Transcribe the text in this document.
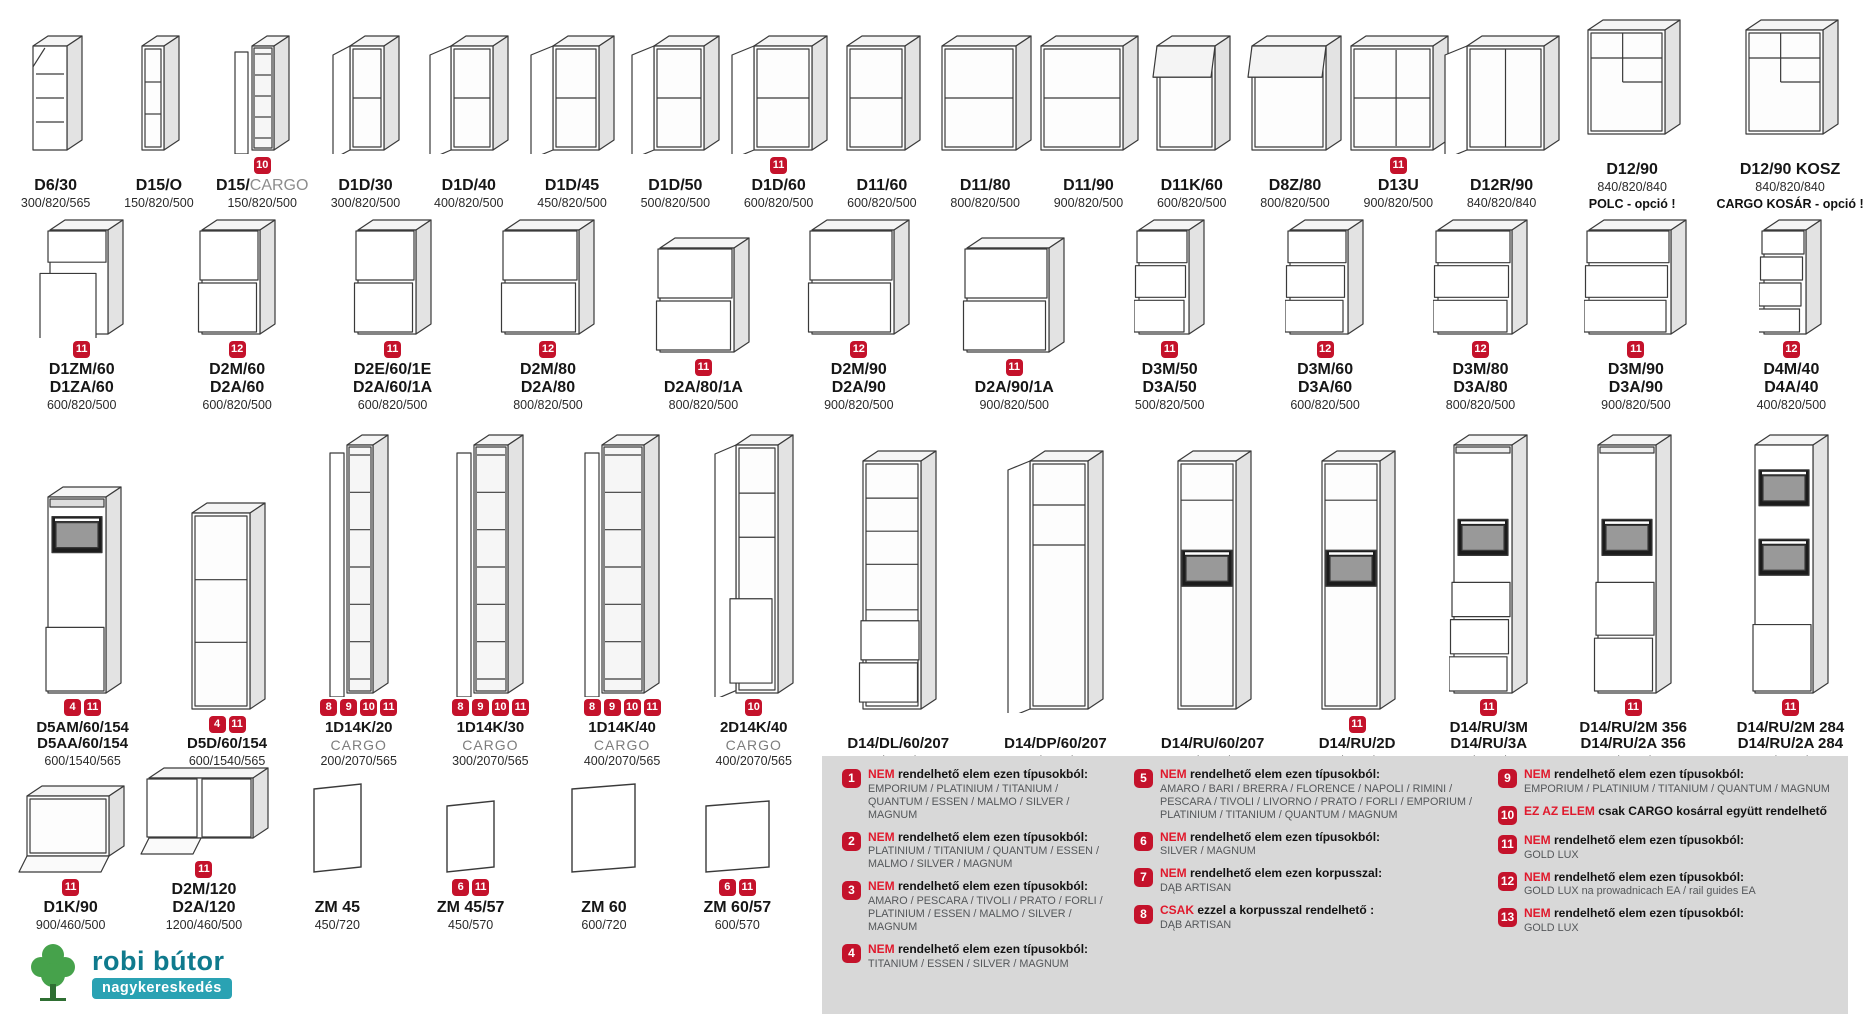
D6/30
300/820/565
D15/O
150/820/500
10
D15/CARGO
150/820/500
D1D/30
300/820/500
D1D/40
400/820/500
D1D/45
450/820/500
D1D/50
500/820/500
11
D1D/60
600/820/500
D11/60
600/820/500
D11/80
800/820/500
D11/90
900/820/500
D11K/60
600/820/500
D8Z/80
800/820/500
11
D13U
900/820/500
D12R/90
840/820/840
D12/90
840/820/840
POLC - opció !
D12/90 KOSZ
840/820/840
CARGO KOSÁR - opció !
11
D1ZM/60
D1ZA/60
600/820/500
12
D2M/60
D2A/60
600/820/500
11
D2E/60/1E
D2A/60/1A
600/820/500
12
D2M/80
D2A/80
800/820/500
11
D2A/80/1A
800/820/500
12
D2M/90
D2A/90
900/820/500
11
D2A/90/1A
900/820/500
11
D3M/50
D3A/50
500/820/500
12
D3M/60
D3A/60
600/820/500
12
D3M/80
D3A/80
800/820/500
11
D3M/90
D3A/90
900/820/500
12
D4M/40
D4A/40
400/820/500
4	11
D5AM/60/154
D5AA/60/154
600/1540/565
4	11
D5D/60/154
600/1540/565
8	9 10 11
1D14K/20
CARGO
200/2070/565
8	9 10 11
1D14K/30
CARGO
300/2070/565
8	9 10 11
1D14K/40
CARGO
400/2070/565
10
2D14K/40
CARGO
400/2070/565
D14/DL/60/207	D14/DP/60/207	D14/RU/60/207
11
D14/RU/2D
11
D14/RU/3M
D14/RU/3A
11
D14/RU/2M 356
D14/RU/2A 356
11
D14/RU/2M 284
D14/RU/2A 284
11
D1K/90
900/460/500
11
D2M/120
D2A/120
1200/460/500
ZM 45
450/720
6	11
ZM 45/57
450/570
ZM 60
600/720
6	11
ZM 60/57
600/570
1	NEM rendelhető elem ezen típusokból:
EMPORIUM / PLATINIUM / TITANIUM / QUANTUM / ESSEN / MALMO / SILVER / MAGNUM
2	NEM rendelhető elem ezen típusokból:
PLATINIUM / TITANIUM / QUANTUM / ESSEN / MALMO / SILVER / MAGNUM
3	NEM rendelhető elem ezen típusokból:
AMARO / PESCARA / TIVOLI / PRATO / FORLI / PLATINIUM / ESSEN / MALMO / SILVER / MAGNUM
4	NEM rendelhető elem ezen típusokból:
TITANIUM / ESSEN / SILVER / MAGNUM
5	NEM rendelhető elem ezen típusokból:
AMARO / BARI / BRERRA / FLORENCE / NAPOLI / RIMINI / PESCARA / TIVOLI / LIVORNO / PRATO / FORLI / EMPORIUM / PLATINIUM / TITANIUM / QUANTUM / MAGNUM
6	NEM rendelhető elem ezen típusokból:
SILVER / MAGNUM
7	NEM rendelhető elem ezen korpusszal:
DĄB ARTISAN
8	CSAK ezzel a korpusszal rendelhető :
DĄB ARTISAN
9	NEM rendelhető elem ezen típusokból:
EMPORIUM / PLATINIUM / TITANIUM / QUANTUM / MAGNUM
10 EZ AZ ELEM csak CARGO kosárral együtt rendelhető
11 NEM rendelhető elem ezen típusokból:
GOLD LUX
12 NEM rendelhető elem ezen típusokból:
GOLD LUX na prowadnicach EA / rail guides EA
13 NEM rendelhető elem ezen típusokból:
GOLD LUX
robi bútor
nagykereskedés
